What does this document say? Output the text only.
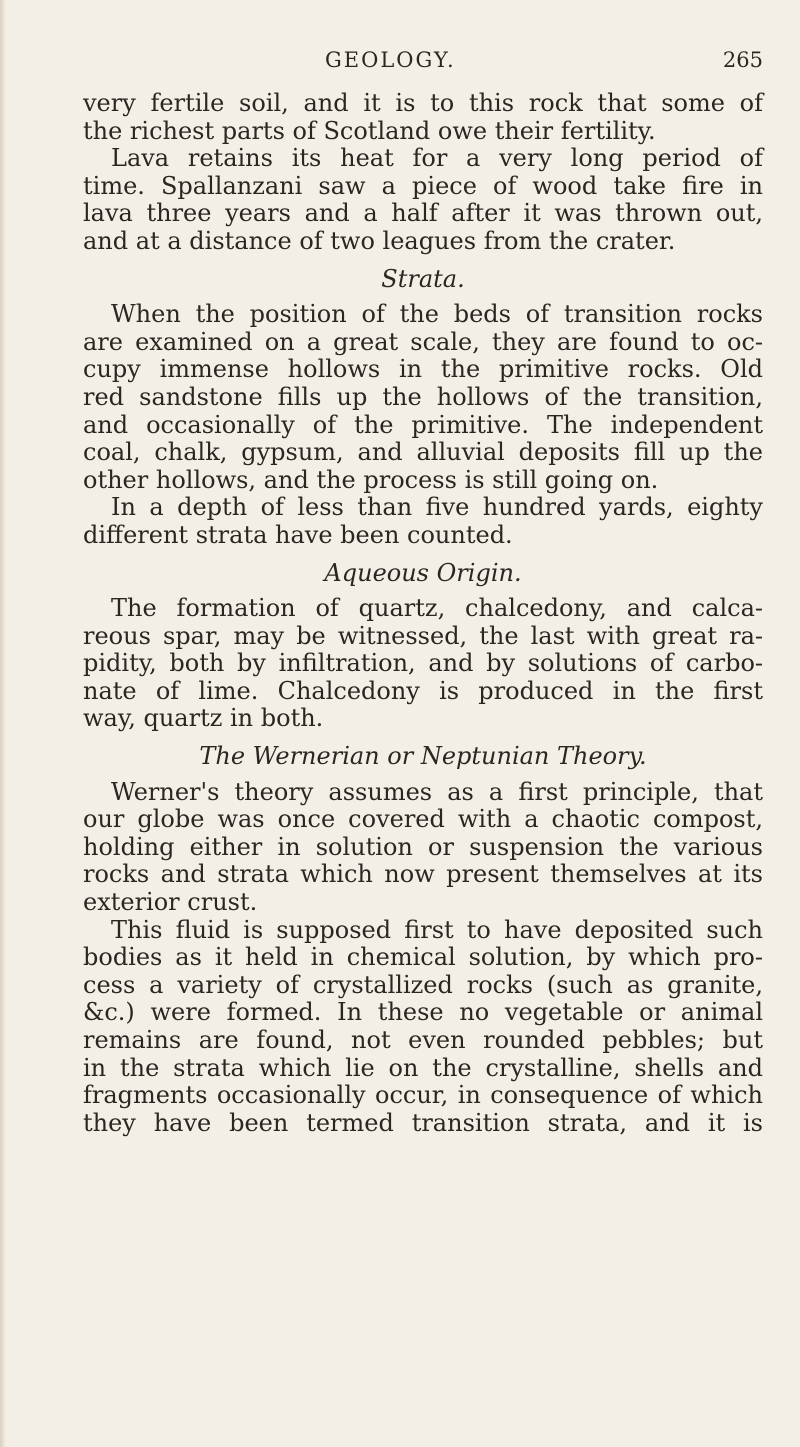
GEOLOGY.	265
very fertile soil, and it is to this rock that some of
the richest parts of Scotland owe their fertility.
Lava retains its heat for a very long period of
time. Spallanzani saw a piece of wood take fire in
lava three years and a half after it was thrown out,
and at a distance of two leagues from the crater.
Strata.
When the position of the beds of transition rocks
are examined on a great scale, they are found to oc-
cupy immense hollows in the primitive rocks. Old
red sandstone fills up the hollows of the transition,
and occasionally of the primitive. The independent
coal, chalk, gypsum, and alluvial deposits fill up the
other hollows, and the process is still going on.
In a depth of less than five hundred yards, eighty
different strata have been counted.
Aqueous Origin.
The formation of quartz, chalcedony, and calca-
reous spar, may be witnessed, the last with great ra-
pidity, both by infiltration, and by solutions of carbo-
nate of lime. Chalcedony is produced in the first
way, quartz in both.
The Wernerian or Neptunian Theory.
Werner's theory assumes as a first principle, that
our globe was once covered with a chaotic compost,
holding either in solution or suspension the various
rocks and strata which now present themselves at its
exterior crust.
This fluid is supposed first to have deposited such
bodies as it held in chemical solution, by which pro-
cess a variety of crystallized rocks (such as granite,
&c.) were formed. In these no vegetable or animal
remains are found, not even rounded pebbles; but
in the strata which lie on the crystalline, shells and
fragments occasionally occur, in consequence of which
they have been termed transition strata, and it is
